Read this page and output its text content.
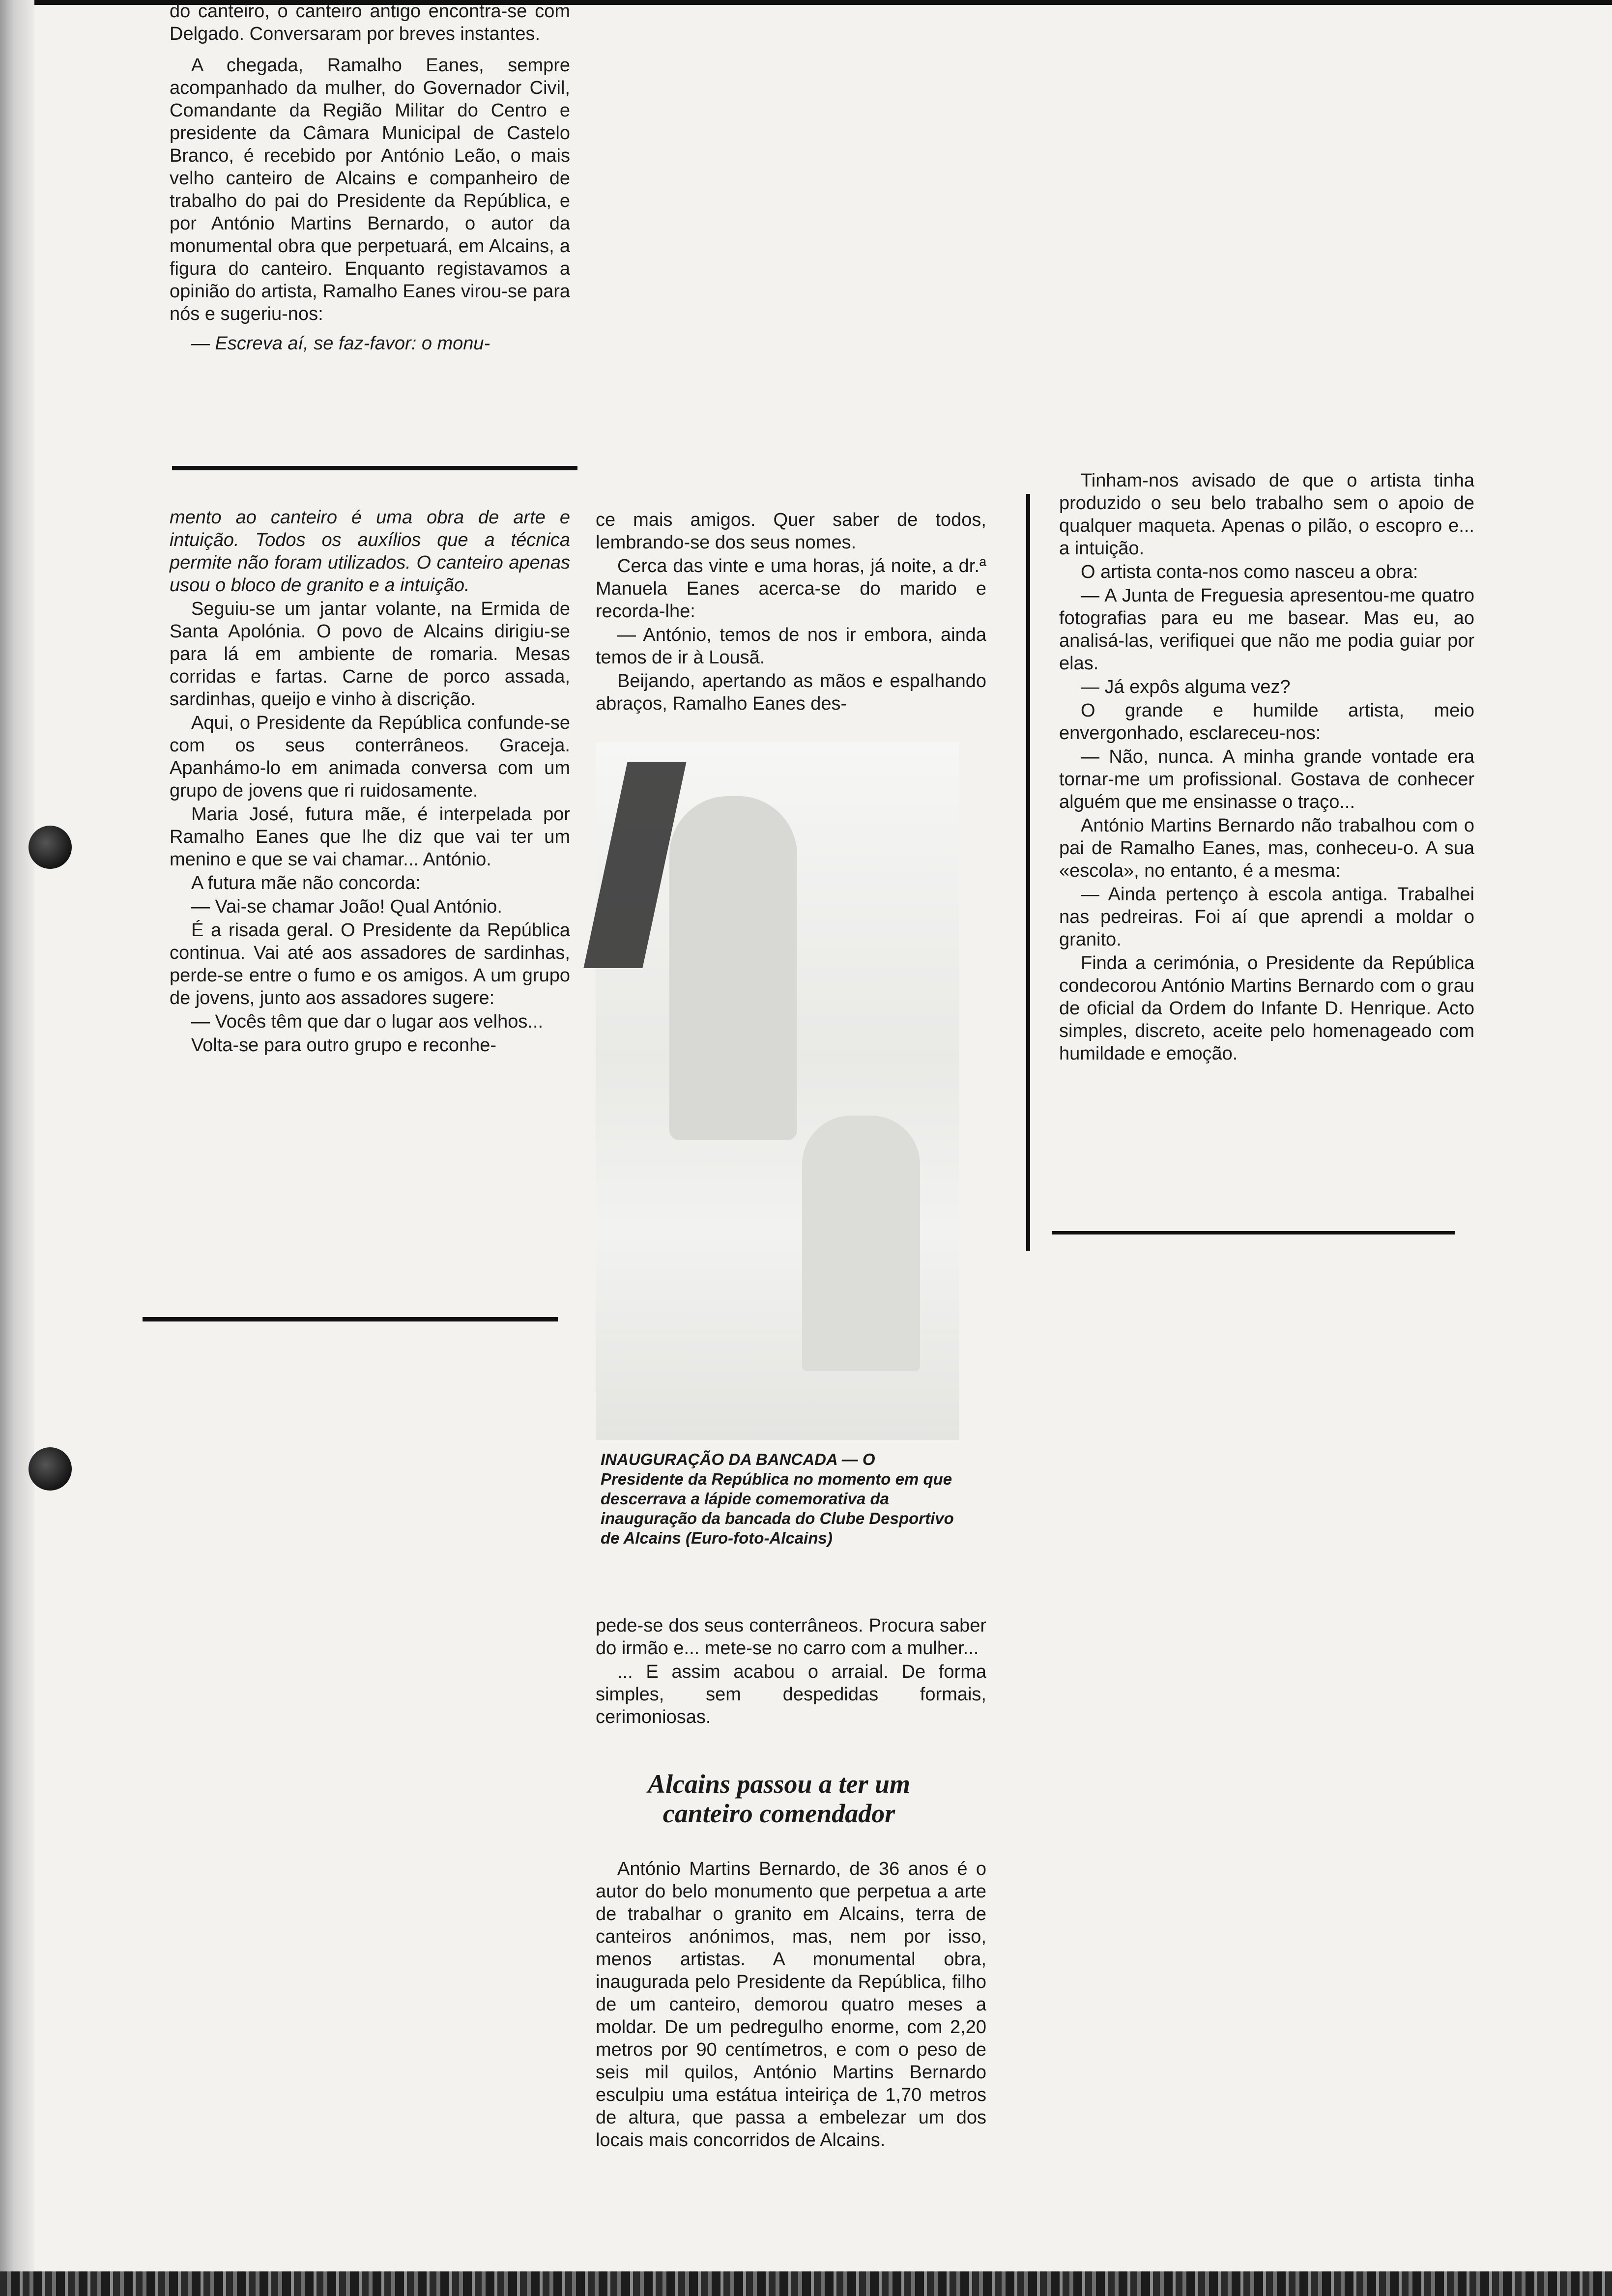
do canteiro, o canteiro antigo encontra-se com Delgado. Conversaram por breves instantes.

A chegada, Ramalho Eanes, sempre acompanhado da mulher, do Governador Civil, Comandante da Região Militar do Centro e presidente da Câmara Municipal de Castelo Branco, é recebido por António Leão, o mais velho canteiro de Alcains e companheiro de trabalho do pai do Presidente da República, e por António Martins Bernardo, o autor da monumental obra que perpetuará, em Alcains, a figura do canteiro. Enquanto registavamos a opinião do artista, Ramalho Eanes virou-se para nós e sugeriu-nos:

— Escreva aí, se faz-favor: o monu-

mento ao canteiro é uma obra de arte e intuição. Todos os auxílios que a técnica permite não foram utilizados. O canteiro apenas usou o bloco de granito e a intuição.

Seguiu-se um jantar volante, na Ermida de Santa Apolónia. O povo de Alcains dirigiu-se para lá em ambiente de romaria. Mesas corridas e fartas. Carne de porco assada, sardinhas, queijo e vinho à discrição.

Aqui, o Presidente da República confunde-se com os seus conterrâneos. Graceja. Apanhámo-lo em animada conversa com um grupo de jovens que ri ruidosamente.

Maria José, futura mãe, é interpelada por Ramalho Eanes que lhe diz que vai ter um menino e que se vai chamar... António.

A futura mãe não concorda:

— Vai-se chamar João! Qual António.

É a risada geral. O Presidente da República continua. Vai até aos assadores de sardinhas, perde-se entre o fumo e os amigos. A um grupo de jovens, junto aos assadores sugere:

— Vocês têm que dar o lugar aos velhos...

Volta-se para outro grupo e reconhe-

ce mais amigos. Quer saber de todos, lembrando-se dos seus nomes.

Cerca das vinte e uma horas, já noite, a dr.ª Manuela Eanes acerca-se do marido e recorda-lhe:

— António, temos de nos ir embora, ainda temos de ir à Lousã.

Beijando, apertando as mãos e espalhando abraços, Ramalho Eanes des-

INAUGURAÇÃO DA BANCADA — O Presidente da República no momento em que descerrava a lápide comemorativa da inauguração da bancada do Clube Desportivo de Alcains (Euro-foto-Alcains)

pede-se dos seus conterrâneos. Procura saber do irmão e... mete-se no carro com a mulher...

... E assim acabou o arraial. De forma simples, sem despedidas formais, cerimoniosas.

Alcains passou a ter um canteiro comendador

António Martins Bernardo, de 36 anos é o autor do belo monumento que perpetua a arte de trabalhar o granito em Alcains, terra de canteiros anónimos, mas, nem por isso, menos artistas. A monumental obra, inaugurada pelo Presidente da República, filho de um canteiro, demorou quatro meses a moldar. De um pedregulho enorme, com 2,20 metros por 90 centímetros, e com o peso de seis mil quilos, António Martins Bernardo esculpiu uma estátua inteiriça de 1,70 metros de altura, que passa a embelezar um dos locais mais concorridos de Alcains.

Tinham-nos avisado de que o artista tinha produzido o seu belo trabalho sem o apoio de qualquer maqueta. Apenas o pilão, o escopro e... a intuição.

O artista conta-nos como nasceu a obra:

— A Junta de Freguesia apresentou-me quatro fotografias para eu me basear. Mas eu, ao analisá-las, verifiquei que não me podia guiar por elas.

— Já expôs alguma vez?

O grande e humilde artista, meio envergonhado, esclareceu-nos:

— Não, nunca. A minha grande vontade era tornar-me um profissional. Gostava de conhecer alguém que me ensinasse o traço...

António Martins Bernardo não trabalhou com o pai de Ramalho Eanes, mas, conheceu-o. A sua «escola», no entanto, é a mesma:

— Ainda pertenço à escola antiga. Trabalhei nas pedreiras. Foi aí que aprendi a moldar o granito.

Finda a cerimónia, o Presidente da República condecorou António Martins Bernardo com o grau de oficial da Ordem do Infante D. Henrique. Acto simples, discreto, aceite pelo homenageado com humildade e emoção.
